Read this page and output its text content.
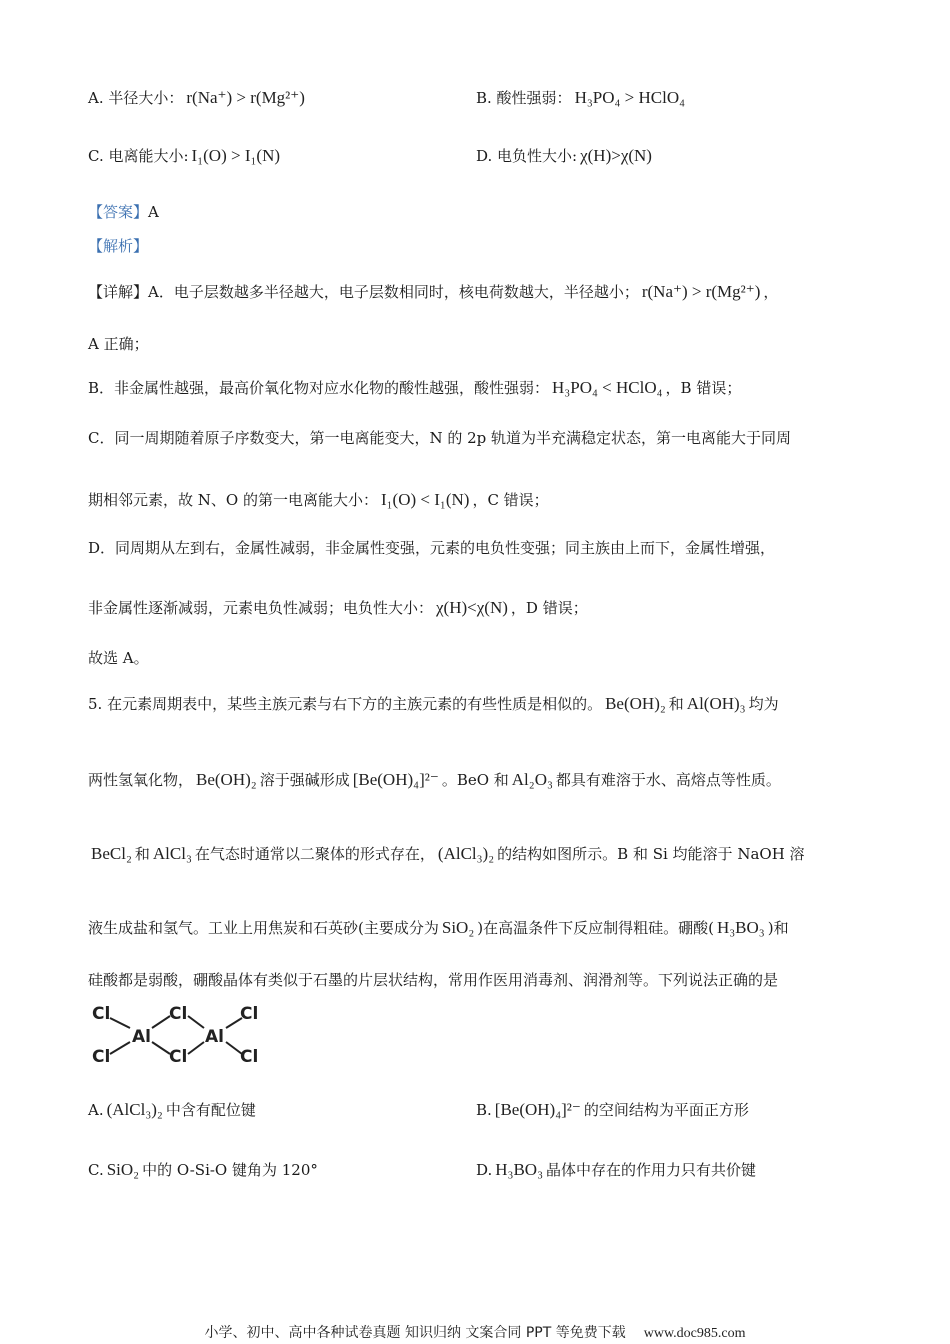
A. 半径大小： r(Na⁺) > r(Mg²⁺)	B. 酸性强弱： H₃PO₄ > HClO₄
C. 电离能大小: I₁(O) > I₁(N)	D. 电负性大小: χ(H)>χ(N)
【答案】A
【解析】
【详解】A．电子层数越多半径越大，电子层数相同时，核电荷数越大，半径越小； r(Na⁺) > r(Mg²⁺) ，
A 正确；
B．非金属性越强，最高价氧化物对应水化物的酸性越强，酸性强弱： H₃PO₄ < HClO₄ ，B 错误；
C．同一周期随着原子序数变大，第一电离能变大，N 的 2p 轨道为半充满稳定状态，第一电离能大于同周
期相邻元素，故 N、O 的第一电离能大小： I₁(O) < I₁(N) ，C 错误；
D．同周期从左到右，金属性减弱，非金属性变强，元素的电负性变强；同主族由上而下，金属性增强，
非金属性逐渐减弱，元素电负性减弱；电负性大小： χ(H)<χ(N) ，D 错误；
故选 A。
5. 在元素周期表中，某些主族元素与右下方的主族元素的有些性质是相似的。 Be(OH)₂ 和 Al(OH)₃ 均为
两性氢氧化物， Be(OH)₂ 溶于强碱形成 [Be(OH)₄]²⁻ 。BeO 和 Al₂O₃ 都具有难溶于水、高熔点等性质。
BeCl₂ 和 AlCl₃ 在气态时通常以二聚体的形式存在， (AlCl₃)₂ 的结构如图所示。B 和 Si 均能溶于 NaOH 溶
液生成盐和氢气。工业上用焦炭和石英砂(主要成分为 SiO₂ )在高温条件下反应制得粗硅。硼酸( H₃BO₃ )和
硅酸都是弱酸，硼酸晶体有类似于石墨的片层状结构，常用作医用消毒剂、润滑剂等。下列说法正确的是
Cl
Cl
Al
Cl
Cl
Al
Cl
Cl
A. (AlCl₃)₂ 中含有配位键	B. [Be(OH)₄]²⁻ 的空间结构为平面正方形
C. SiO₂ 中的 O-Si-O 键角为 120°	D. H₃BO₃ 晶体中存在的作用力只有共价键
小学、初中、高中各种试卷真题 知识归纳 文案合同 PPT 等免费下载 www.doc985.com
